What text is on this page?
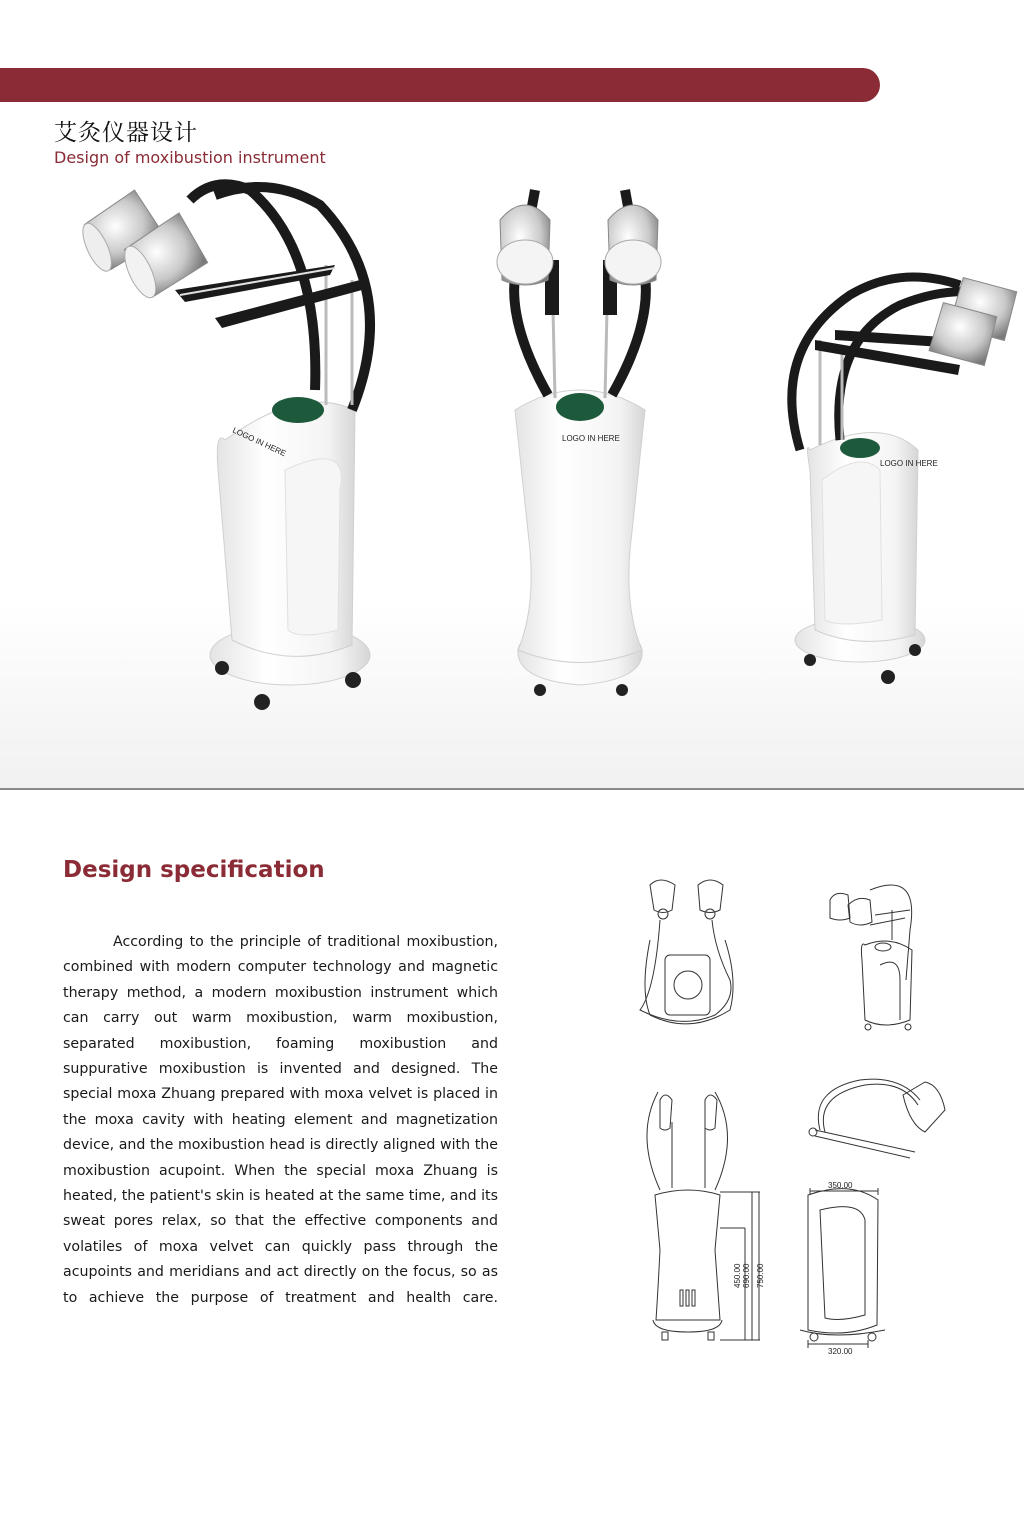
艾灸仪器设计
Design of moxibustion instrument
LOGO IN HERE	LOGO IN HERE
LOGO IN HERE
Design specification
According to the principle of traditional moxibustion, combined with modern computer technology and magnetic therapy method, a modern moxibustion instrument which can carry out warm moxibustion, warm moxibustion, separated moxibustion, foaming moxibustion and suppurative moxibustion is invented and designed. The special moxa Zhuang prepared with moxa velvet is placed in the moxa cavity with heating element and magnetization device, and the moxibustion head is directly aligned with the moxibustion acupoint. When the special moxa Zhuang is heated, the patient's skin is heated at the same time, and its sweat pores relax, so that the effective components and volatiles of moxa velvet can quickly pass through the acupoints and meridians and act directly on the focus, so as to achieve the purpose of treatment and health care.
350.00
320.00
450.00 690.00 750.00
